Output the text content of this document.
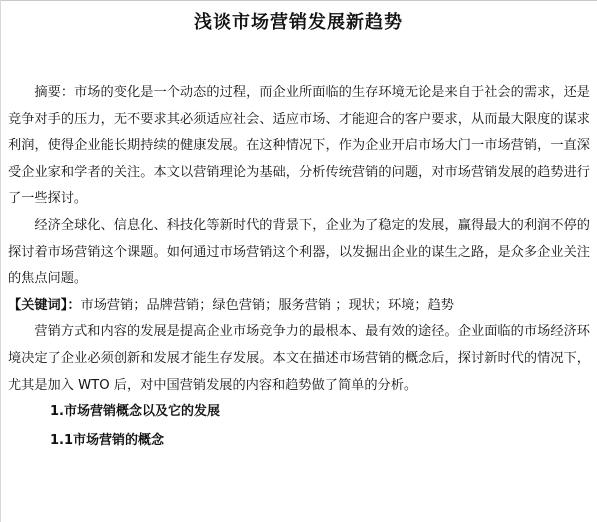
浅谈市场营销发展新趋势

摘要：市场的变化是一个动态的过程，而企业所面临的生存环境无论是来自于社会的需求，还是竞争对手的压力，无不要求其必须适应社会、适应市场、才能迎合的客户要求，从而最大限度的谋求利润，使得企业能长期持续的健康发展。在这种情况下，作为企业开启市场大门一市场营销，一直深受企业家和学者的关注。本文以营销理论为基础，分析传统营销的问题，对市场营销发展的趋势进行了一些探讨。

经济全球化、信息化、科技化等新时代的背景下，企业为了稳定的发展，赢得最大的利润不停的探讨着市场营销这个课题。如何通过市场营销这个利器，以发掘出企业的谋生之路，是众多企业关注的焦点问题。

【关键词】：市场营销；品牌营销；绿色营销；服务营销 ；现状；环境；趋势

营销方式和内容的发展是提高企业市场竞争力的最根本、最有效的途径。企业面临的市场经济环境决定了企业必须创新和发展才能生存发展。本文在描述市场营销的概念后，探讨新时代的情况下，尤其是加入 WTO 后，对中国营销发展的内容和趋势做了简单的分析。

1.市场营销概念以及它的发展

1.1市场营销的概念
